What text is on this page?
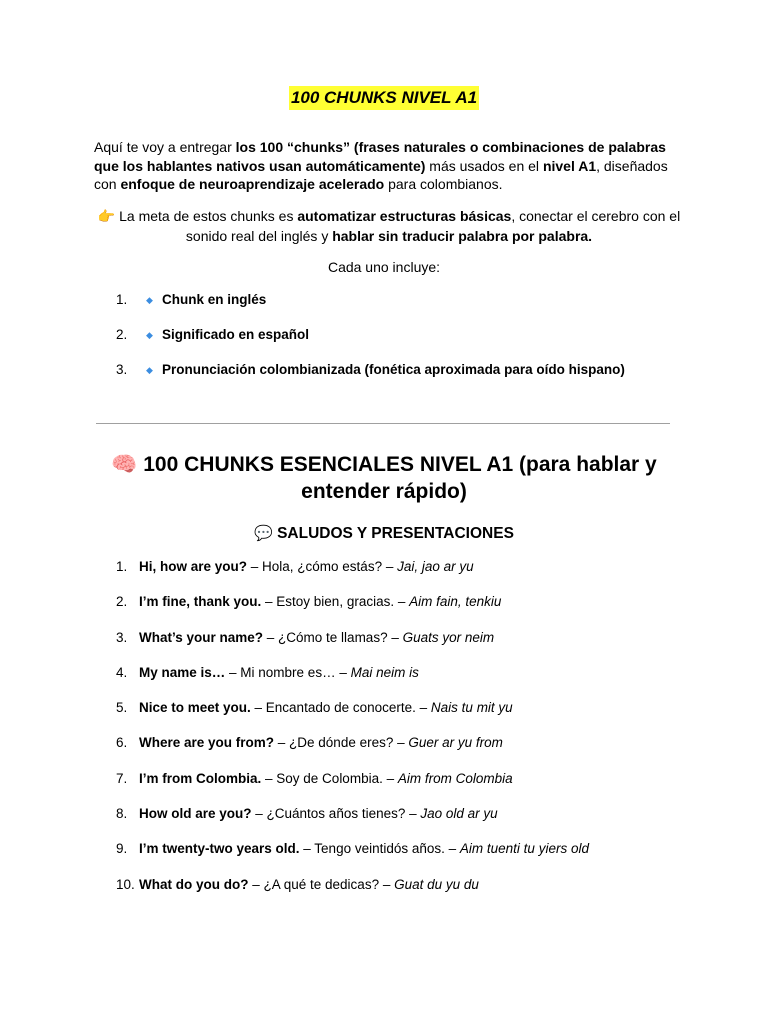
100 CHUNKS NIVEL A1
Aquí te voy a entregar los 100 “chunks” (frases naturales o combinaciones de palabras que los hablantes nativos usan automáticamente) más usados en el nivel A1, diseñados con enfoque de neuroaprendizaje acelerado para colombianos.
👉 La meta de estos chunks es automatizar estructuras básicas, conectar el cerebro con el sonido real del inglés y hablar sin traducir palabra por palabra.
Cada uno incluye:
1.	◆ Chunk en inglés
2.	◆ Significado en español
3.	◆ Pronunciación colombianizada (fonética aproximada para oído hispano)
🧠 100 CHUNKS ESENCIALES NIVEL A1 (para hablar y entender rápido)
💬 SALUDOS Y PRESENTACIONES
1. Hi, how are you? – Hola, ¿cómo estás? – Jai, jao ar yu
2. I’m fine, thank you. – Estoy bien, gracias. – Aim fain, tenkiu
3. What’s your name? – ¿Cómo te llamas? – Guats yor neim
4. My name is… – Mi nombre es… – Mai neim is
5. Nice to meet you. – Encantado de conocerte. – Nais tu mit yu
6. Where are you from? – ¿De dónde eres? – Guer ar yu from
7. I’m from Colombia. – Soy de Colombia. – Aim from Colombia
8. How old are you? – ¿Cuántos años tienes? – Jao old ar yu
9. I’m twenty-two years old. – Tengo veintidós años. – Aim tuenti tu yiers old
10. What do you do? – ¿A qué te dedicas? – Guat du yu du
